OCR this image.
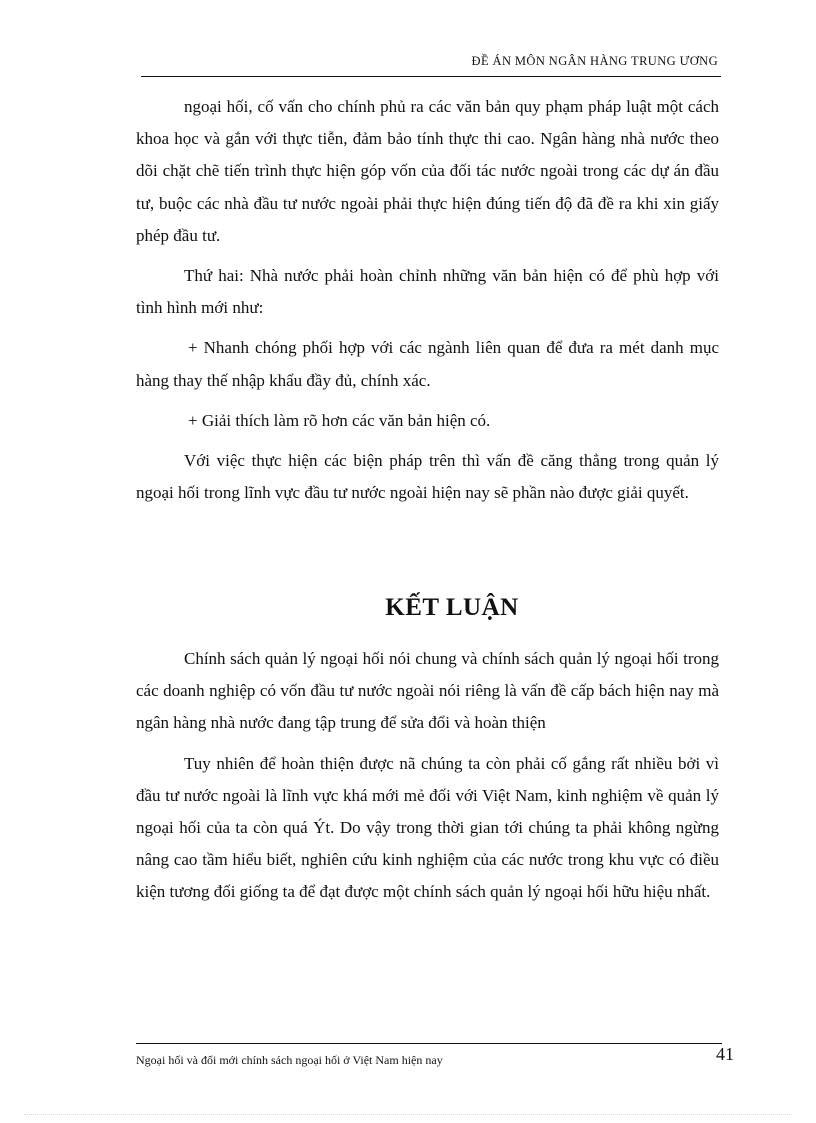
ĐỀ ÁN MÔN NGÂN HÀNG TRUNG ƯƠNG

ngoại hối, cố vấn cho chính phủ ra các văn bản quy phạm pháp luật một cách khoa học và gắn với thực tiễn, đảm bảo tính thực thi cao. Ngân hàng nhà nước theo dõi chặt chẽ tiến trình thực hiện góp vốn của đối tác nước ngoài trong các dự án đầu tư, buộc các nhà đầu tư nước ngoài phải thực hiện đúng tiến độ đã đề ra khi xin giấy phép đầu tư.

Thứ hai: Nhà nước phải hoàn chỉnh những văn bản hiện có để phù hợp với tình hình mới như:

+ Nhanh chóng phối hợp với các ngành liên quan để đưa ra mét danh mục hàng thay thế nhập khẩu đầy đủ, chính xác.

+ Giải thích làm rõ hơn các văn bản hiện có.

Với việc thực hiện các biện pháp trên thì vấn đề căng thẳng trong quản lý ngoại hối trong lĩnh vực đầu tư nước ngoài hiện nay sẽ phần nào được giải quyết.

KẾT LUẬN

Chính sách quản lý ngoại hối nói chung và chính sách quản lý ngoại hối trong các doanh nghiệp có vốn đầu tư nước ngoài nói riêng là vấn đề cấp bách hiện nay mà ngân hàng nhà nước đang tập trung để sửa đổi và hoàn thiện

Tuy nhiên để hoàn thiện được nã chúng ta còn phải cố gắng rất nhiều bởi vì đầu tư nước ngoài là lĩnh vực khá mới mẻ đối với Việt Nam, kinh nghiệm về quản lý ngoại hối của ta còn quá Ýt. Do vậy trong thời gian tới chúng ta phải không ngừng nâng cao tầm hiểu biết, nghiên cứu kinh nghiệm của các nước trong khu vực có điều kiện tương đối giống ta để đạt được một chính sách quản lý ngoại hối hữu hiệu nhất.

Ngoại hối và đổi mới chính sách ngoại hối ở Việt Nam hiện nay	41
